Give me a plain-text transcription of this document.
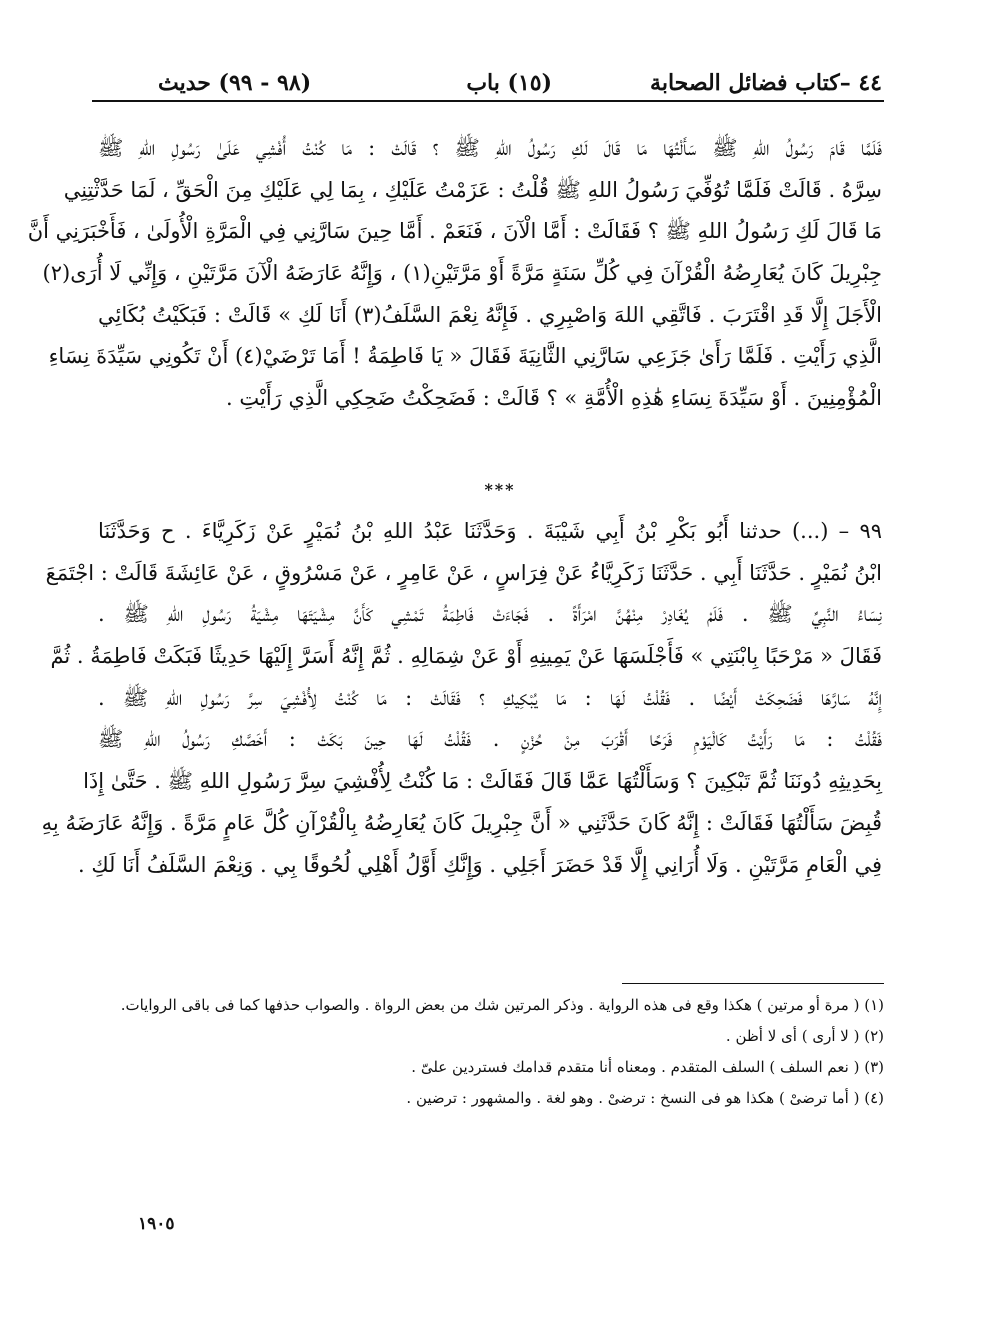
٤٤ –كتاب فضائل الصحابة
(١٥) باب
(٩٨ - ٩٩) حديث
فَلَمَّا قَامَ رَسُولُ اللهِ ﷺ سَأَلْتُهَا مَا قَالَ لَكِ رَسُولُ اللهِ ﷺ ؟ قَالَتْ : مَا كُنْتُ أُفْشِي عَلَىٰ رَسُولِ اللهِ ﷺ
سِرَّهُ . قَالَتْ فَلَمَّا تُوُفِّيَ رَسُولُ اللهِ ﷺ قُلْتُ : عَزَمْتُ عَلَيْكِ ، بِمَا لِي عَلَيْكِ مِنَ الْحَقِّ ، لَمَا حَدَّثْتِنِي
مَا قَالَ لَكِ رَسُولُ اللهِ ﷺ ؟ فَقَالَتْ : أَمَّا الْآنَ ، فَنَعَمْ . أَمَّا حِينَ سَارَّنِي فِي الْمَرَّةِ الْأُولَىٰ ، فَأَخْبَرَنِي أَنَّ
جِبْرِيلَ كَانَ يُعَارِضُهُ الْقُرْآنَ فِي كُلِّ سَنَةٍ مَرَّةً أَوْ مَرَّتَيْنِ(١) ، وَإِنَّهُ عَارَضَهُ الْآنَ مَرَّتَيْنِ ، وَإِنِّي لَا أُرَى(٢)
الْأَجَلَ إِلَّا قَدِ اقْتَرَبَ . فَاتَّقِي اللهَ وَاصْبِرِي . فَإِنَّهُ نِعْمَ السَّلَفُ(٣) أَنَا لَكِ » قَالَتْ : فَبَكَيْتُ بُكَائِي
الَّذِي رَأَيْتِ . فَلَمَّا رَأَىٰ جَزَعِي سَارَّنِي الثَّانِيَةَ فَقَالَ « يَا فَاطِمَةُ ! أَمَا تَرْضَيْ(٤) أَنْ تَكُونِي سَيِّدَةَ نِسَاءِ
الْمُؤْمِنِينَ . أَوْ سَيِّدَةَ نِسَاءِ هَٰذِهِ الْأُمَّةِ » ؟ قَالَتْ : فَضَحِكْتُ ضَحِكِي الَّذِي رَأَيْتِ .
***
٩٩ – (...) حدثنا أَبُو بَكْرِ بْنُ أَبِي شَيْبَةَ . وَحَدَّثَنَا عَبْدُ اللهِ بْنُ نُمَيْرٍ عَنْ زَكَرِيَّاءَ . ح وَحَدَّثَنَا
ابْنُ نُمَيْرٍ . حَدَّثَنَا أَبِي . حَدَّثَنَا زَكَرِيَّاءُ عَنْ فِرَاسٍ ، عَنْ عَامِرٍ ، عَنْ مَسْرُوقٍ ، عَنْ عَائِشَةَ قَالَتْ : اجْتَمَعَ
نِسَاءُ النَّبِيِّ ﷺ . فَلَمْ يُغَادِرْ مِنْهُنَّ امْرَأَةً . فَجَاءَتْ فَاطِمَةُ تَمْشِي كَأَنَّ مِشْيَتَهَا مِشْيَةُ رَسُولِ اللهِ ﷺ .
فَقَالَ « مَرْحَبًا بِابْنَتِي » فَأَجْلَسَهَا عَنْ يَمِينِهِ أَوْ عَنْ شِمَالِهِ . ثُمَّ إِنَّهُ أَسَرَّ إِلَيْهَا حَدِيثًا فَبَكَتْ فَاطِمَةُ . ثُمَّ
إِنَّهُ سَارَّهَا فَضَحِكَتْ أَيْضًا . فَقُلْتُ لَهَا : مَا يُبْكِيكِ ؟ فَقَالَتْ : مَا كُنْتُ لِأُفْشِيَ سِرَّ رَسُولِ اللهِ ﷺ .
فَقُلْتُ : مَا رَأَيْتُ كَالْيَوْمِ فَرَحًا أَقْرَبَ مِنْ حُزْنٍ . فَقُلْتُ لَهَا حِينَ بَكَتْ : أَخَصَّكِ رَسُولُ اللهِ ﷺ
بِحَدِيثِهِ دُونَنَا ثُمَّ تَبْكِينَ ؟ وَسَأَلْتُهَا عَمَّا قَالَ فَقَالَتْ : مَا كُنْتُ لِأُفْشِيَ سِرَّ رَسُولِ اللهِ ﷺ . حَتَّىٰ إِذَا
قُبِضَ سَأَلْتُهَا فَقَالَتْ : إِنَّهُ كَانَ حَدَّثَنِي « أَنَّ جِبْرِيلَ كَانَ يُعَارِضُهُ بِالْقُرْآنِ كُلَّ عَامٍ مَرَّةً . وَإِنَّهُ عَارَضَهُ بِهِ
فِي الْعَامِ مَرَّتَيْنِ . وَلَا أُرَانِي إِلَّا قَدْ حَضَرَ أَجَلِي . وَإِنَّكِ أَوَّلُ أَهْلِي لُحُوقًا بِي . وَنِعْمَ السَّلَفُ أَنَا لَكِ .
(١) ( مرة أو مرتين ) هكذا وقع فى هذه الرواية . وذكر المرتين شك من بعض الرواة . والصواب حذفها كما فى باقى الروايات.
(٢) ( لا أرى ) أى لا أظن .
(٣) ( نعم السلف ) السلف المتقدم . ومعناه أنا متقدم قدامك فستردين علىّ .
(٤) ( أما ترضىْ ) هكذا هو فى النسخ : ترضىْ . وهو لغة . والمشهور : ترضين .
١٩٠٥
